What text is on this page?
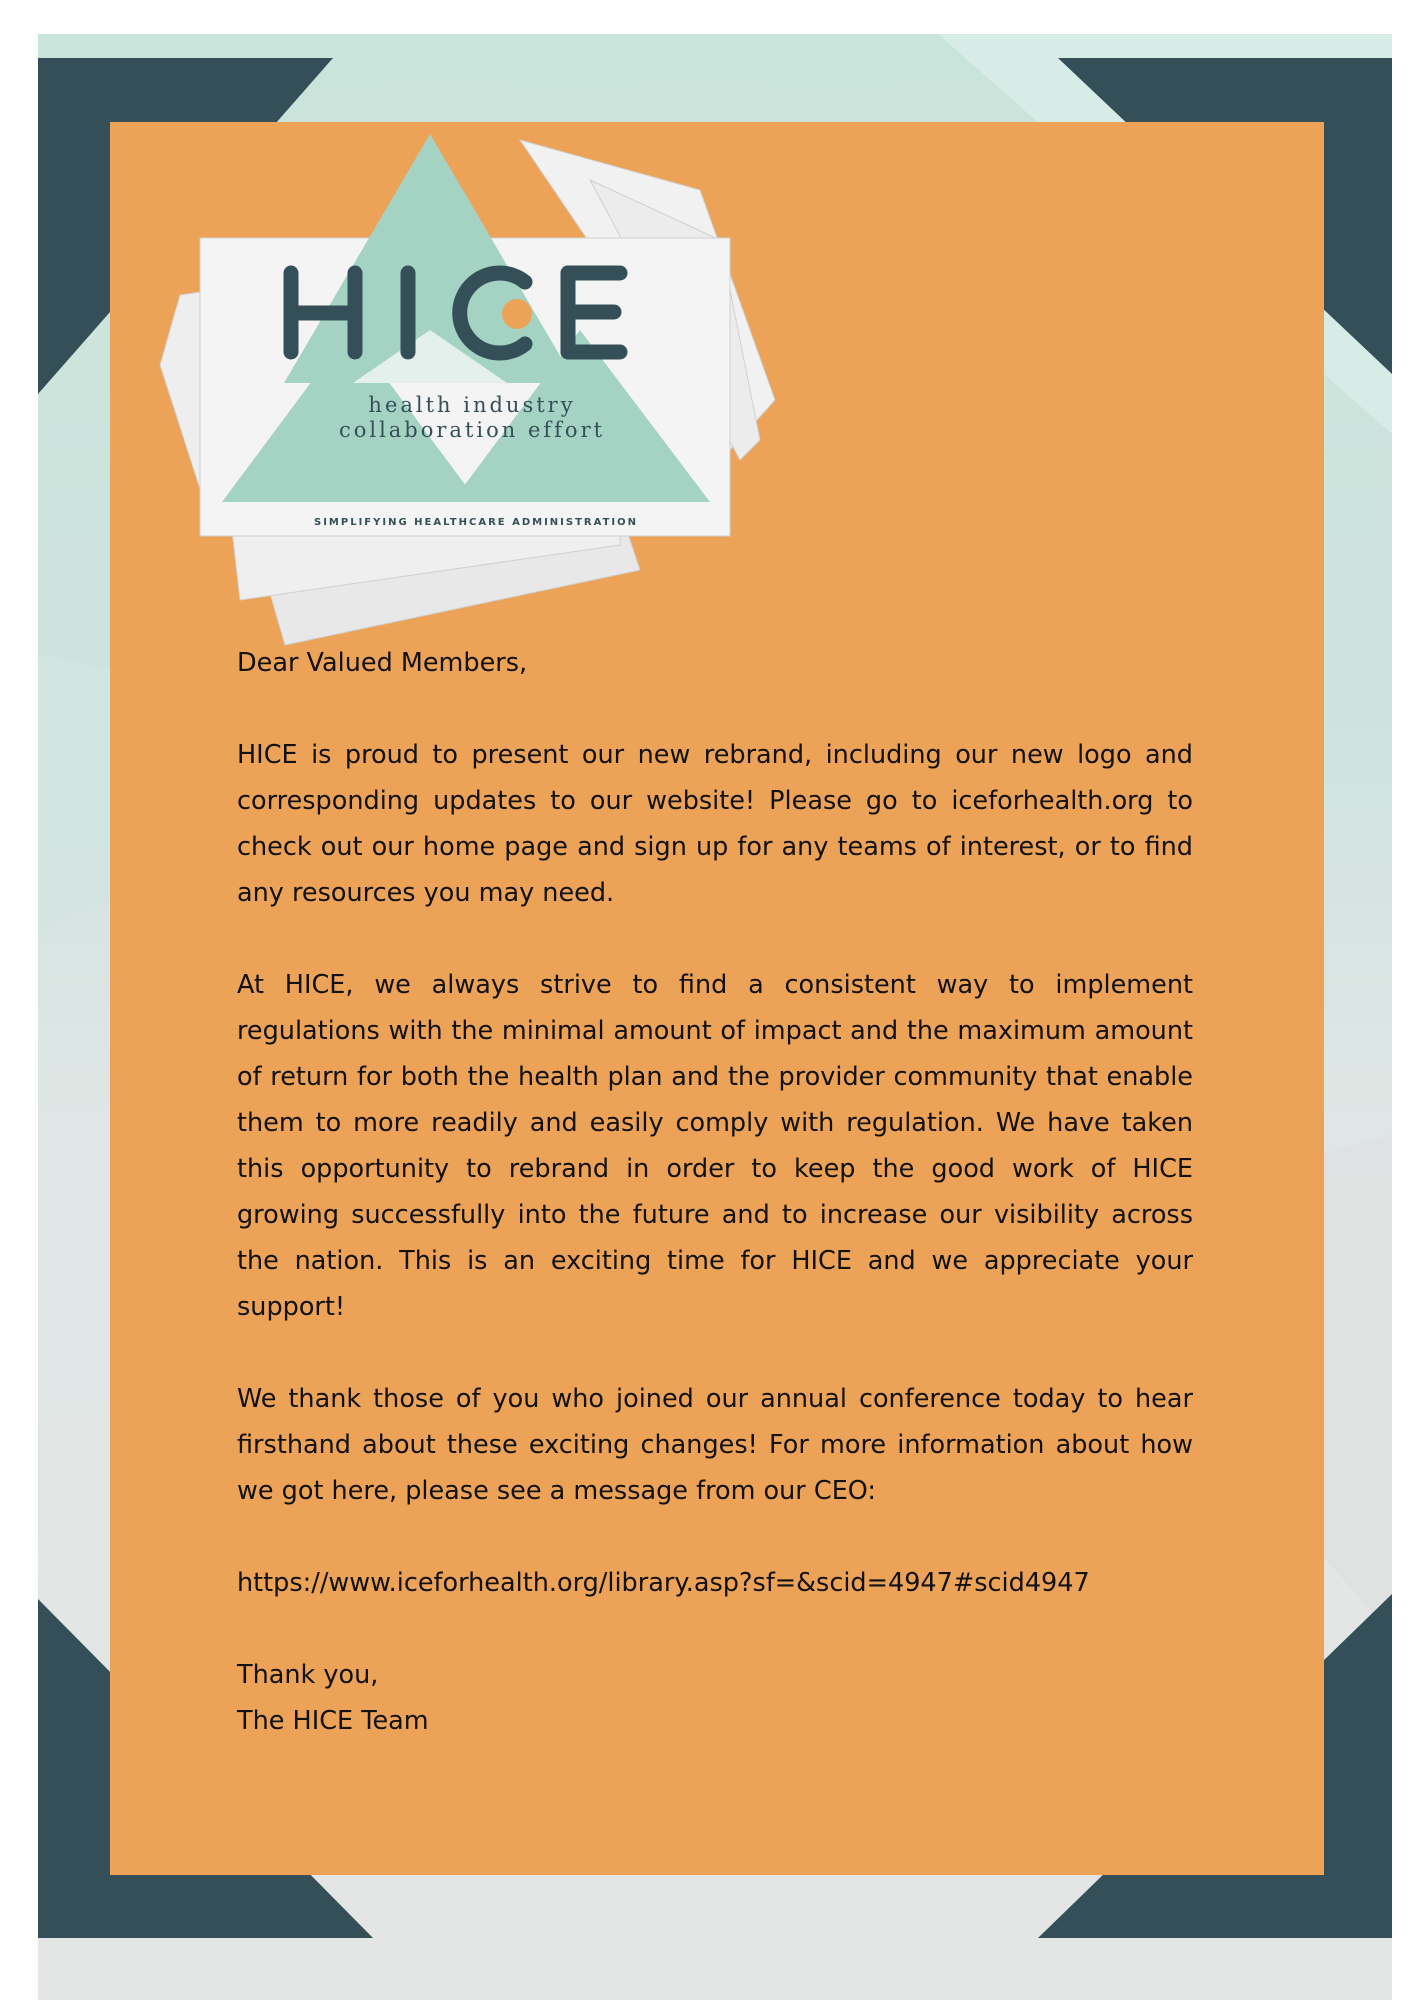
health industry
collaboration effort
SIMPLIFYING HEALTHCARE ADMINISTRATION

Dear Valued Members,

HICE is proud to present our new rebrand, including our new logo and corresponding updates to our website! Please go to iceforhealth.org to check out our home page and sign up for any teams of interest, or to find any resources you may need.

At HICE, we always strive to find a consistent way to implement regulations with the minimal amount of impact and the maximum amount of return for both the health plan and the provider community that enable them to more readily and easily comply with regulation. We have taken this opportunity to rebrand in order to keep the good work of HICE growing successfully into the future and to increase our visibility across the nation. This is an exciting time for HICE and we appreciate your support!

We thank those of you who joined our annual conference today to hear firsthand about these exciting changes! For more information about how we got here, please see a message from our CEO:

https://www.iceforhealth.org/library.asp?sf=&scid=4947#scid4947

Thank you,
The HICE Team
